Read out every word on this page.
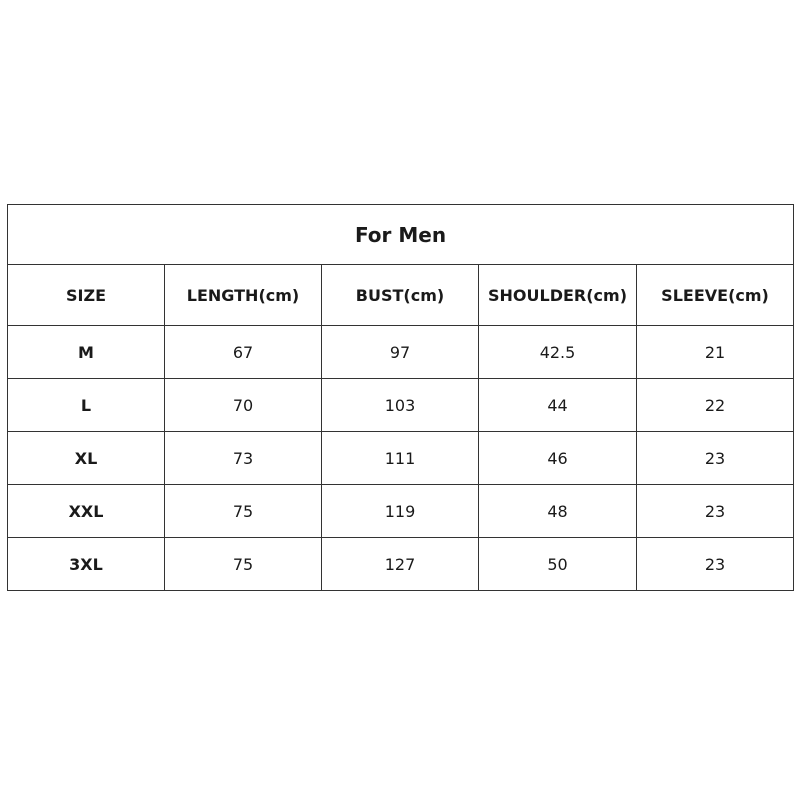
For Men				
SIZE	LENGTH(cm)	BUST(cm)	SHOULDER(cm)	SLEEVE(cm)
M	67	97	42.5	21
L	70	103	44	22
XL	73	111	46	23
XXL	75	119	48	23
3XL	75	127	50	23
